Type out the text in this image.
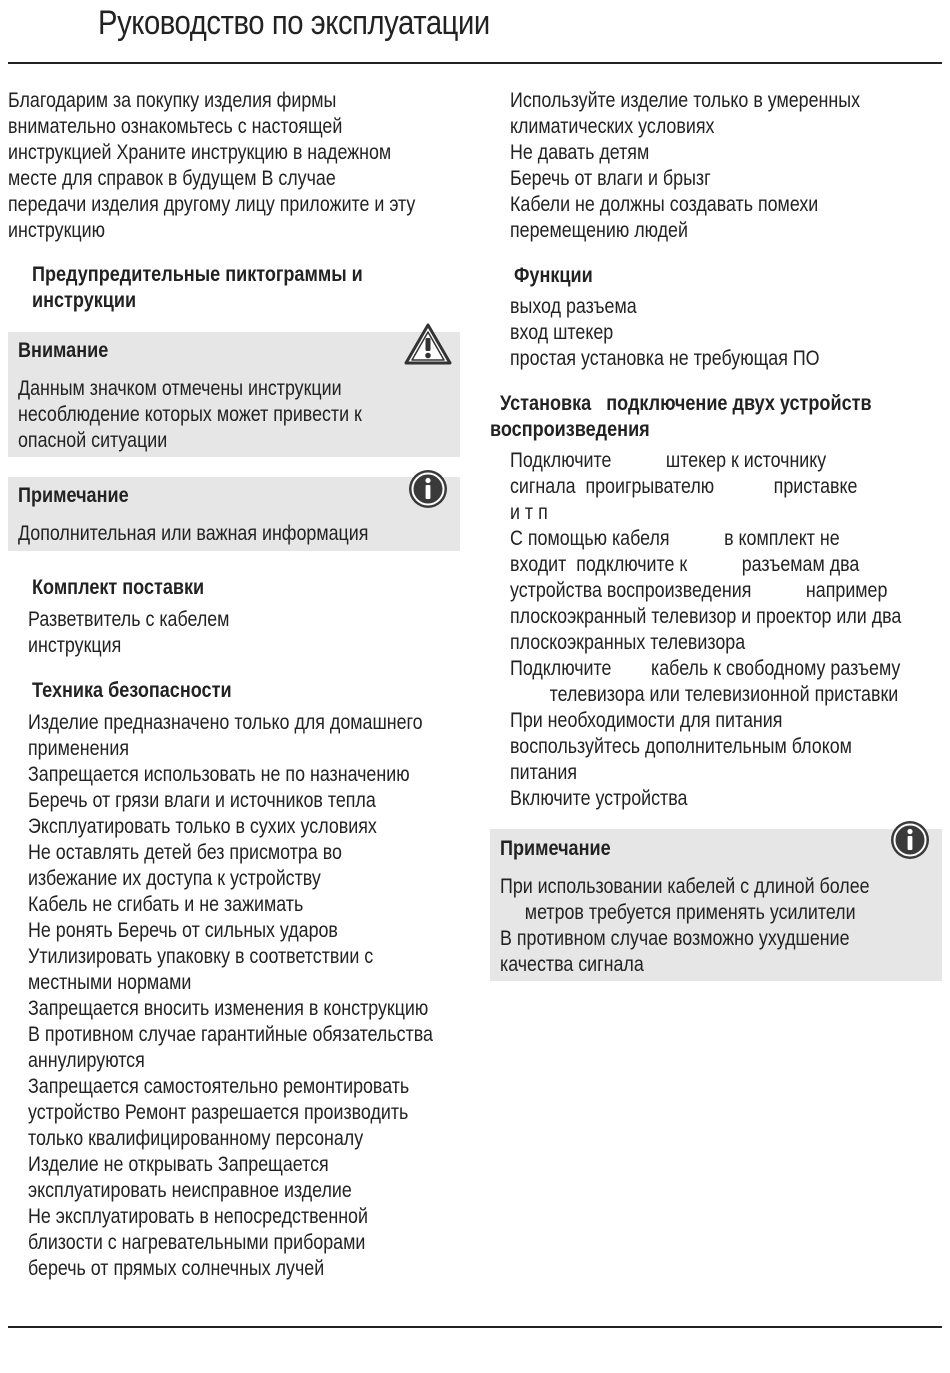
Руководство по эксплуатации
Благодарим за покупку изделия фирмы
внимательно ознакомьтесь с настоящей
инструкцией Храните инструкцию в надежном
месте для справок в будущем В случае
передачи изделия другому лицу приложите и эту
инструкцию
Предупредительные пиктограммы и
инструкции
Внимание
Данным значком отмечены инструкции
несоблюдение которых может привести к
опасной ситуации
Примечание
Дополнительная или важная информация
Комплект поставки
Разветвитель с кабелем
инструкция
Техника безопасности
Изделие предназначено только для домашнего
применения
Запрещается использовать не по назначению
Беречь от грязи влаги и источников тепла
Эксплуатировать только в сухих условиях
Не оставлять детей без присмотра во
избежание их доступа к устройству
Кабель не сгибать и не зажимать
Не ронять Беречь от сильных ударов
Утилизировать упаковку в соответствии с
местными нормами
Запрещается вносить изменения в конструкцию
В противном случае гарантийные обязательства
аннулируются
Запрещается самостоятельно ремонтировать
устройство Ремонт разрешается производить
только квалифицированному персоналу
Изделие не открывать Запрещается
эксплуатировать неисправное изделие
Не эксплуатировать в непосредственной
близости с нагревательными приборами
беречь от прямых солнечных лучей
Используйте изделие только в умеренных
климатических условиях
Не давать детям
Беречь от влаги и брызг
Кабели не должны создавать помехи
перемещению людей
Функции
выход разъема
вход штекер
простая установка не требующая ПО
Установка   подключение двух устройств
воспроизведения
Подключите           штекер к источнику
сигнала  проигрывателю            приставке
и т п
С помощью кабеля           в комплект не
входит  подключите к           разъемам два
устройства воспроизведения           например
плоскоэкранный телевизор и проектор или два
плоскоэкранных телевизора
Подключите        кабель к свободному разъему
телевизора или телевизионной приставки
При необходимости для питания
воспользуйтесь дополнительным блоком
питания
Включите устройства
Примечание
При использовании кабелей с длиной более
метров требуется применять усилители
В противном случае возможно ухудшение
качества сигнала
